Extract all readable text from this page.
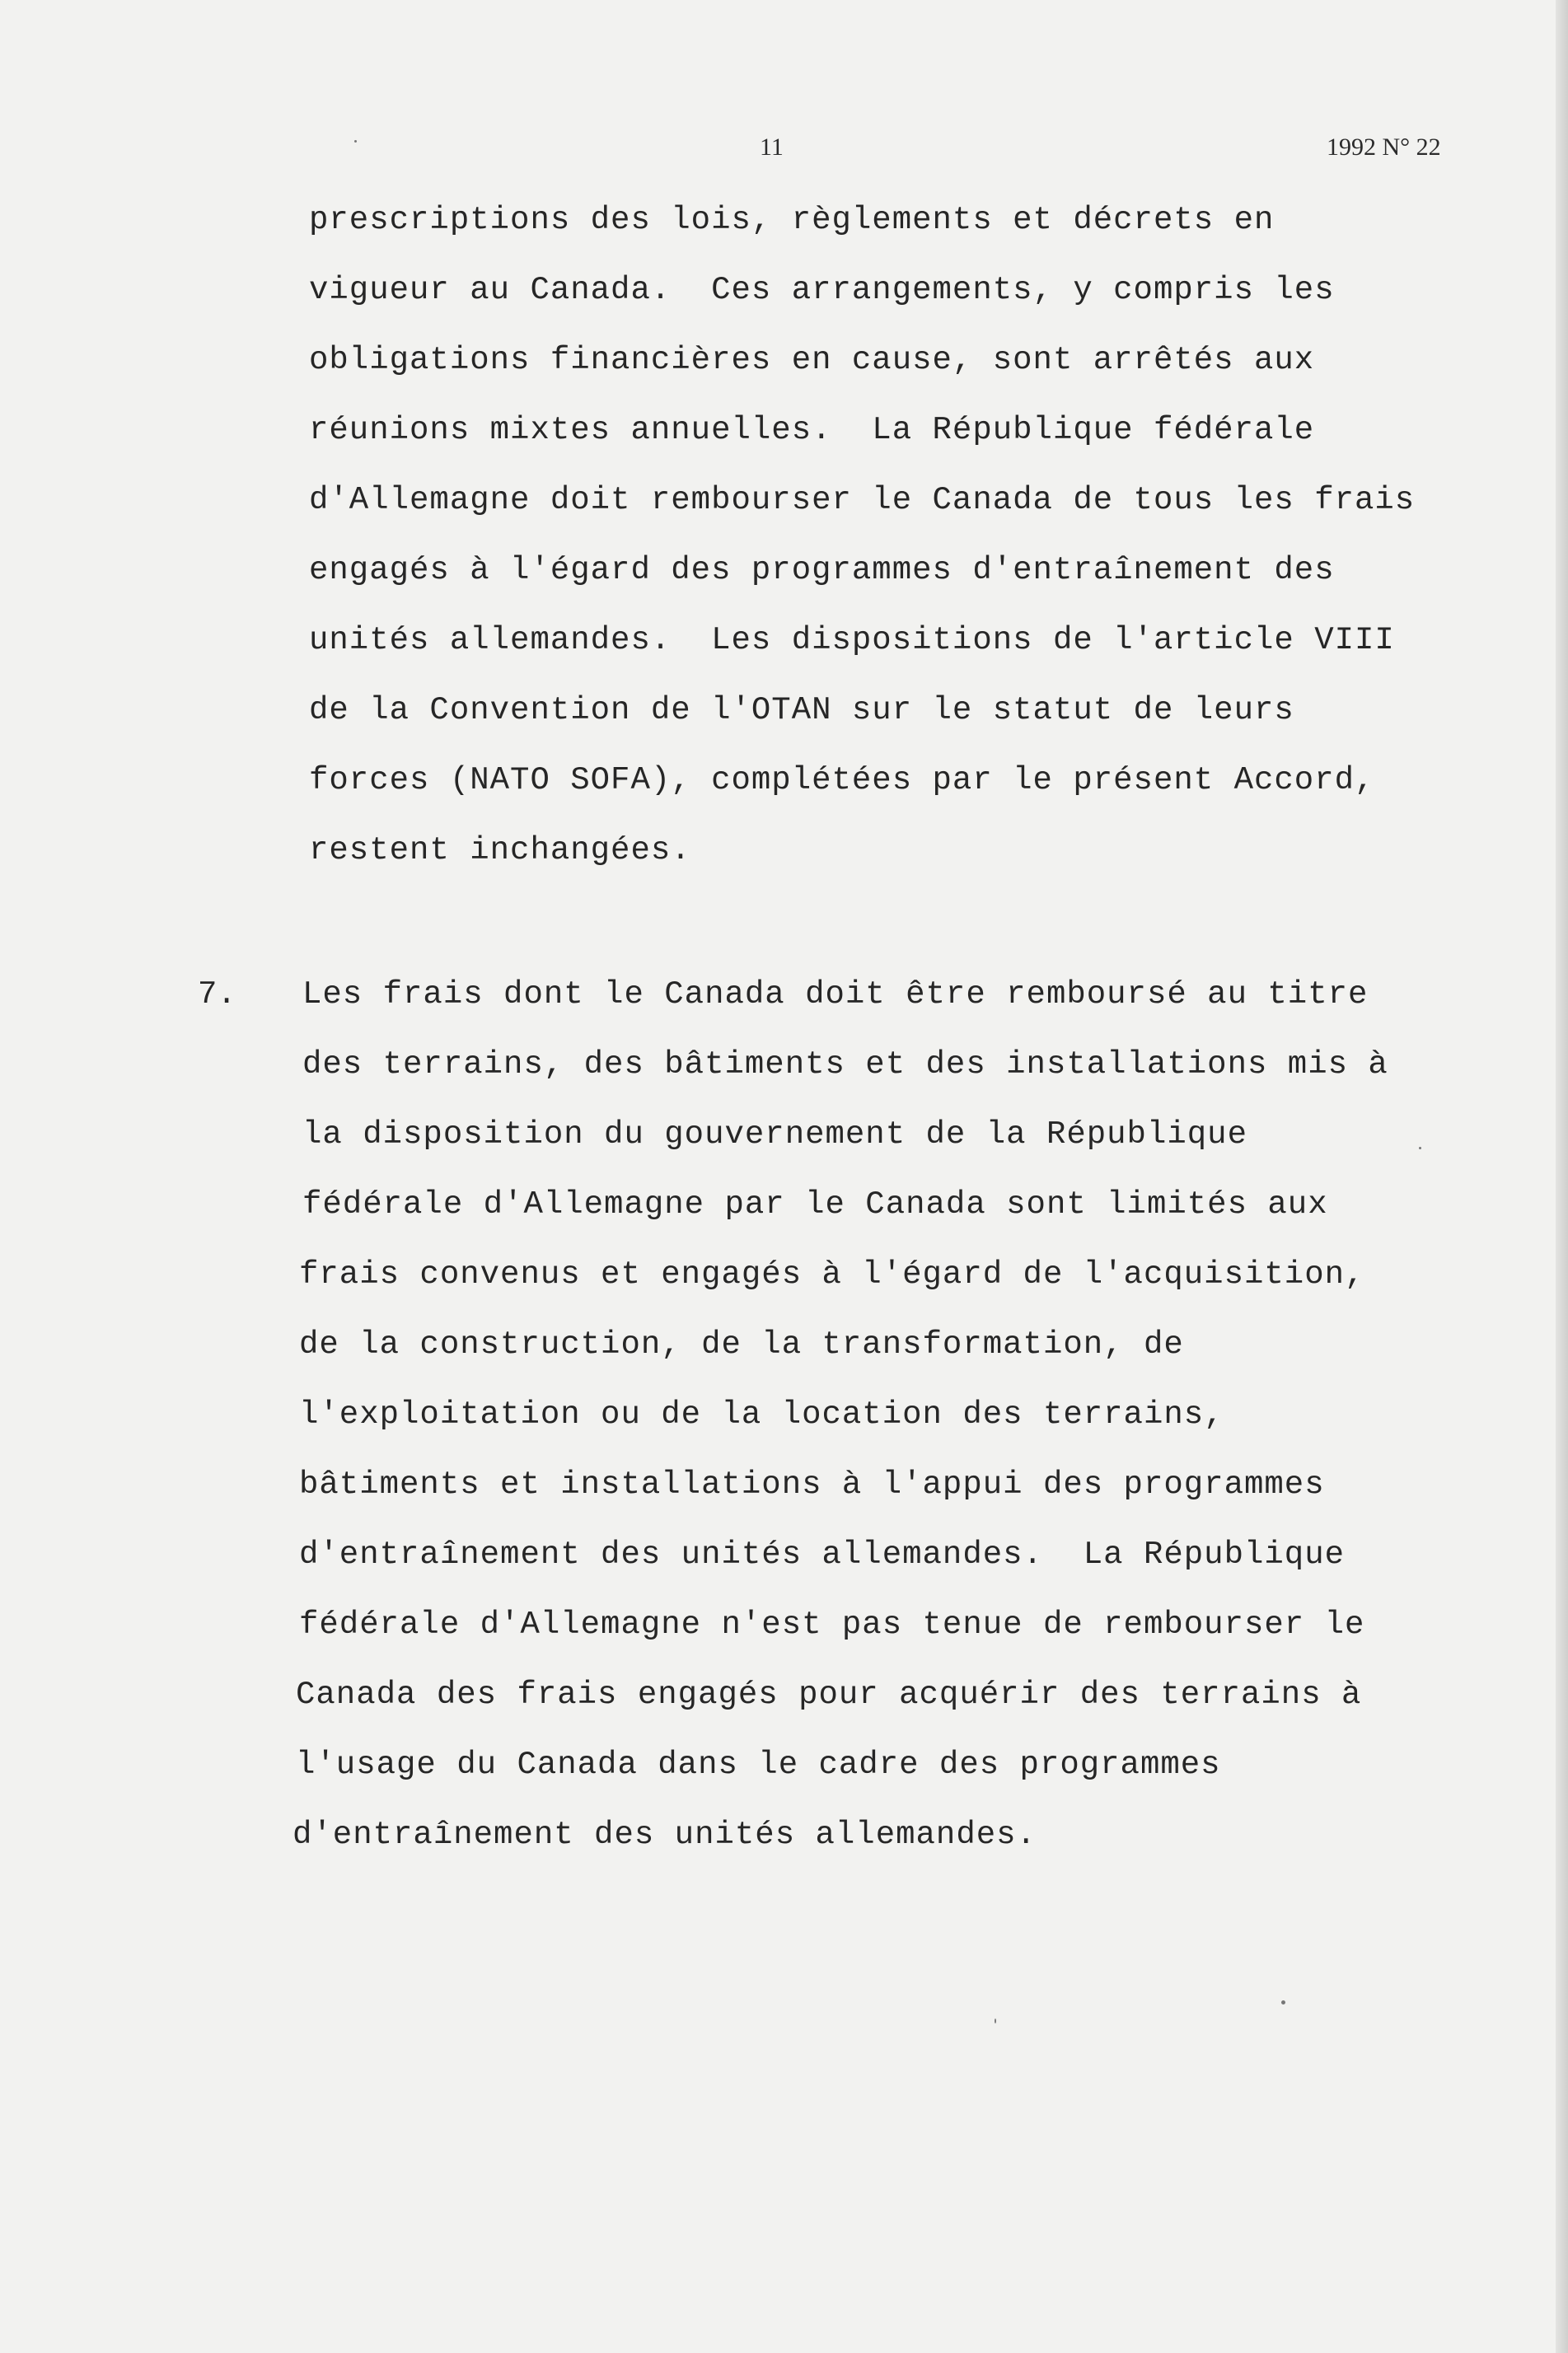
11	1992 N° 22
prescriptions des lois, règlements et décrets en
vigueur au Canada.  Ces arrangements, y compris les
obligations financières en cause, sont arrêtés aux
réunions mixtes annuelles.  La République fédérale
d'Allemagne doit rembourser le Canada de tous les frais
engagés à l'égard des programmes d'entraînement des
unités allemandes.  Les dispositions de l'article VIII
de la Convention de l'OTAN sur le statut de leurs
forces (NATO SOFA), complétées par le présent Accord,
restent inchangées.
7. Les frais dont le Canada doit être remboursé au titre
des terrains, des bâtiments et des installations mis à
la disposition du gouvernement de la République
fédérale d'Allemagne par le Canada sont limités aux
frais convenus et engagés à l'égard de l'acquisition,
de la construction, de la transformation, de
l'exploitation ou de la location des terrains,
bâtiments et installations à l'appui des programmes
d'entraînement des unités allemandes.  La République
fédérale d'Allemagne n'est pas tenue de rembourser le
Canada des frais engagés pour acquérir des terrains à
l'usage du Canada dans le cadre des programmes
d'entraînement des unités allemandes.
